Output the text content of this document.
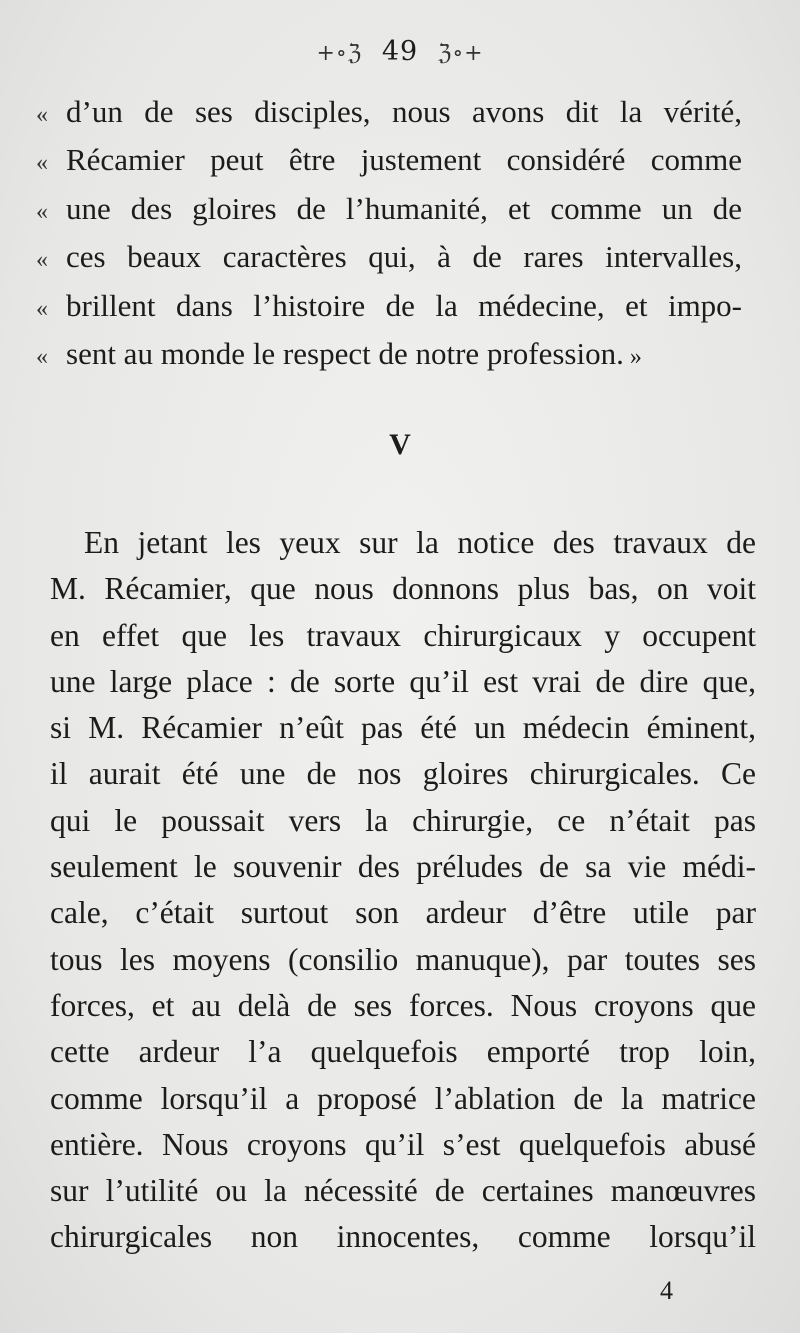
+∘ℨ 49 ℨ∘+
« d’un de ses disciples, nous avons dit la vérité,
« Récamier peut être justement considéré comme
« une des gloires de l’humanité, et comme un de
« ces beaux caractères qui, à de rares intervalles,
« brillent dans l’histoire de la médecine, et impo-
« sent au monde le respect de notre profession. »
V
En jetant les yeux sur la notice des travaux de
M. Récamier, que nous donnons plus bas, on voit
en effet que les travaux chirurgicaux y occupent
une large place : de sorte qu’il est vrai de dire que,
si M. Récamier n’eût pas été un médecin éminent,
il aurait été une de nos gloires chirurgicales. Ce
qui le poussait vers la chirurgie, ce n’était pas
seulement le souvenir des préludes de sa vie médi-
cale, c’était surtout son ardeur d’être utile par
tous les moyens (consilio manuque), par toutes ses
forces, et au delà de ses forces. Nous croyons que
cette ardeur l’a quelquefois emporté trop loin,
comme lorsqu’il a proposé l’ablation de la matrice
entière. Nous croyons qu’il s’est quelquefois abusé
sur l’utilité ou la nécessité de certaines manœuvres
chirurgicales non innocentes, comme lorsqu’il
4
